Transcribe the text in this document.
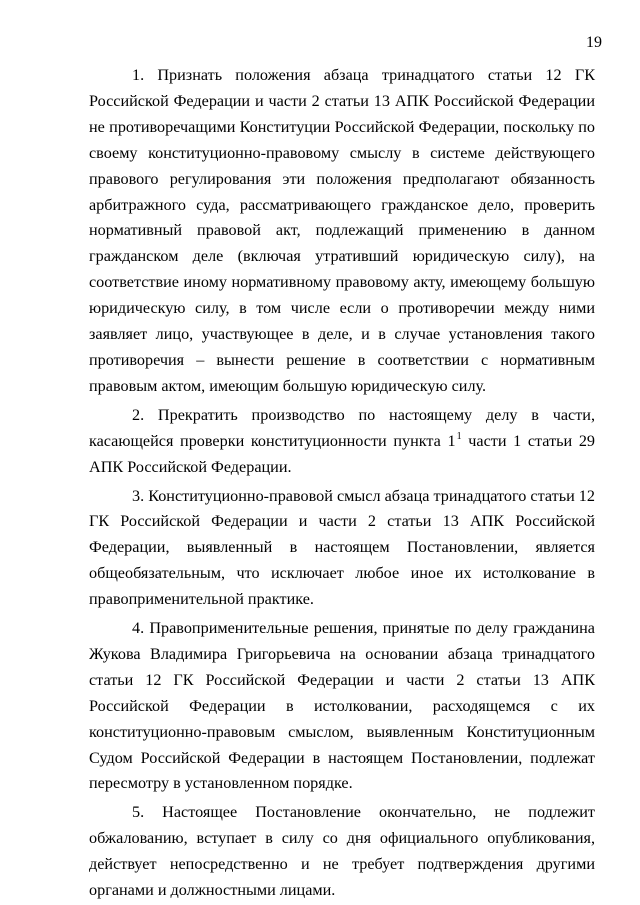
19

1. Признать положения абзаца тринадцатого статьи 12 ГК Российской Федерации и части 2 статьи 13 АПК Российской Федерации не противоречащими Конституции Российской Федерации, поскольку по своему конституционно-правовому смыслу в системе действующего правового регулирования эти положения предполагают обязанность арбитражного суда, рассматривающего гражданское дело, проверить нормативный правовой акт, подлежащий применению в данном гражданском деле (включая утративший юридическую силу), на соответствие иному нормативному правовому акту, имеющему большую юридическую силу, в том числе если о противоречии между ними заявляет лицо, участвующее в деле, и в случае установления такого противоречия – вынести решение в соответствии с нормативным правовым актом, имеющим большую юридическую силу.

2. Прекратить производство по настоящему делу в части, касающейся проверки конституционности пункта $1^1$ части 1 статьи 29 АПК Российской Федерации.

3. Конституционно-правовой смысл абзаца тринадцатого статьи 12 ГК Российской Федерации и части 2 статьи 13 АПК Российской Федерации, выявленный в настоящем Постановлении, является общеобязательным, что исключает любое иное их истолкование в правоприменительной практике.

4. Правоприменительные решения, принятые по делу гражданина Жукова Владимира Григорьевича на основании абзаца тринадцатого статьи 12 ГК Российской Федерации и части 2 статьи 13 АПК Российской Федерации в истолковании, расходящемся с их конституционно-правовым смыслом, выявленным Конституционным Судом Российской Федерации в настоящем Постановлении, подлежат пересмотру в установленном порядке.

5. Настоящее Постановление окончательно, не подлежит обжалованию, вступает в силу со дня официального опубликования, действует непосредственно и не требует подтверждения другими органами и должностными лицами.
